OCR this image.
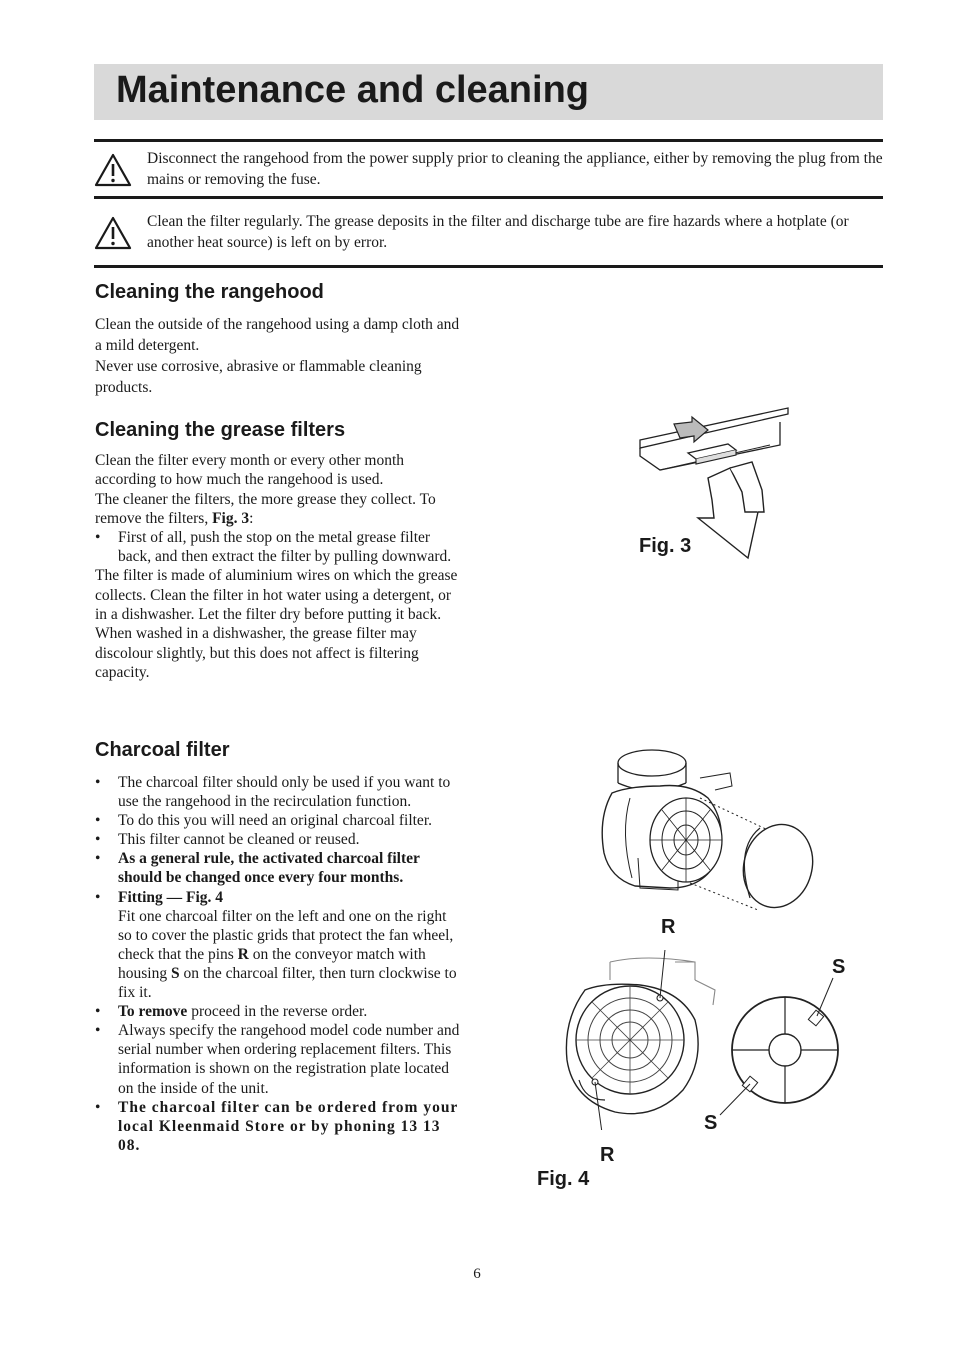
Maintenance and cleaning
Disconnect the rangehood from the power supply prior to cleaning the appliance, either by removing the plug from the mains or removing the fuse.
Clean the filter regularly. The grease deposits in the filter and discharge tube are fire hazards where a hotplate (or another heat source) is left on by error.
Cleaning the rangehood

Clean the outside of the rangehood using a damp cloth and a mild detergent.

Never use corrosive, abrasive or flammable cleaning products.

Cleaning the grease filters

Clean the filter every month or every other month according to how much the rangehood is used.

The cleaner the filters, the more grease they collect. To remove the filters, Fig. 3:

• First of all, push the stop on the metal grease filter back, and then extract the filter by pulling downward.

The filter is made of aluminium wires on which the grease collects. Clean the filter in hot water using a detergent, or in a dishwasher. Let the filter dry before putting it back.

When washed in a dishwasher, the grease filter may discolour slightly, but this does not affect is filtering capacity.

Charcoal filter
• The charcoal filter should only be used if you want to use the rangehood in the recirculation function.
• To do this you will need an original charcoal filter.
• This filter cannot be cleaned or reused.
• As a general rule, the activated charcoal filter should be changed once every four months.
• Fitting — Fig. 4
Fit one charcoal filter on the left and one on the right so to cover the plastic grids that protect the fan wheel, check that the pins R on the conveyor match with housing S on the charcoal filter, then turn clockwise to fix it.
• To remove proceed in the reverse order.
• Always specify the rangehood model code number and serial number when ordering replacement filters. This information is shown on the registration plate located on the inside of the unit.
• The charcoal filter can be ordered from your local Kleenmaid Store or by phoning 13 13 08.
Fig. 3
R
S
S
R
Fig. 4
6
